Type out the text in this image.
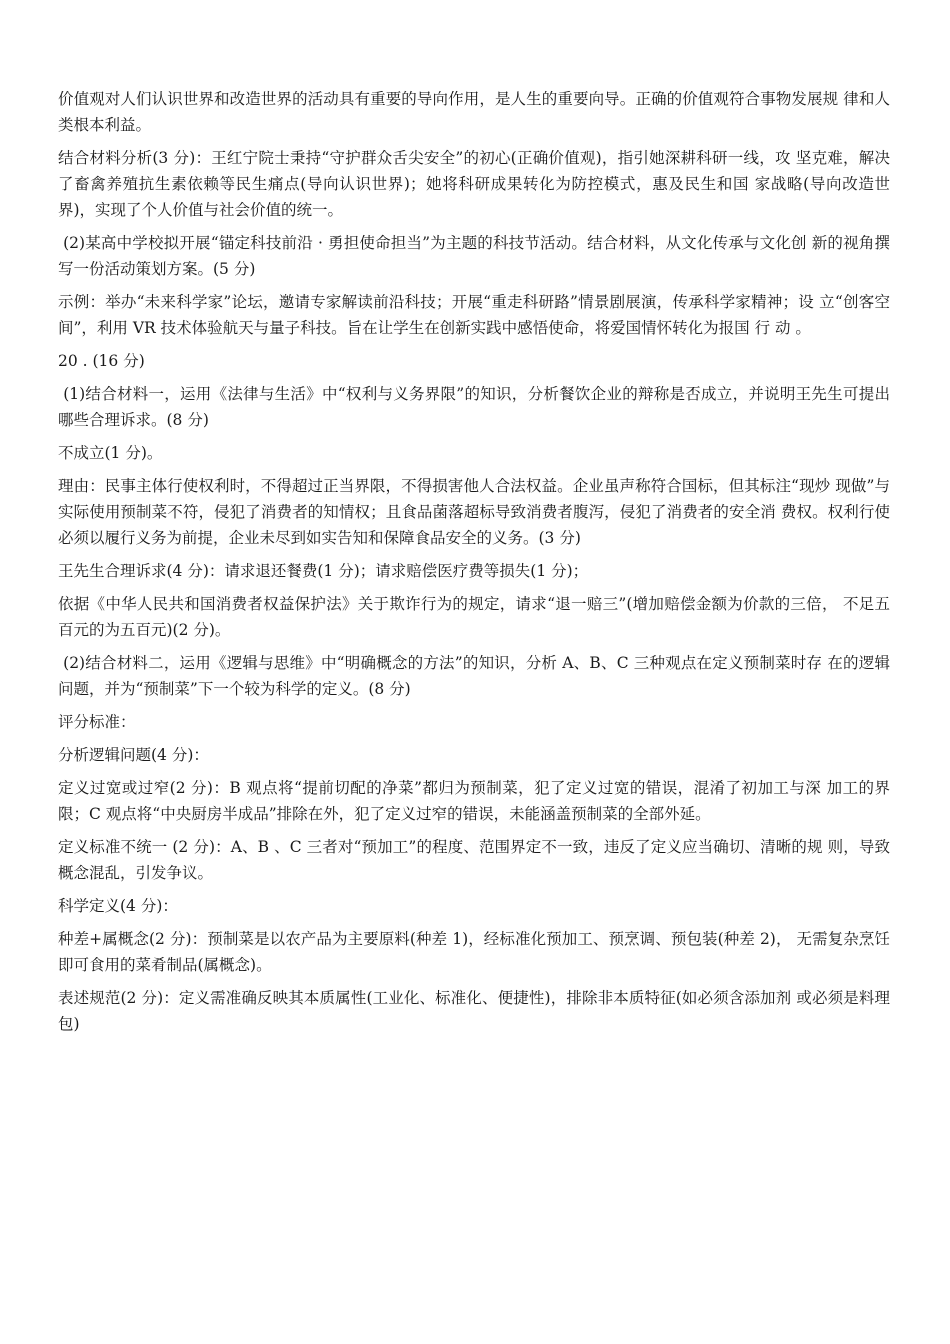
价值观对人们认识世界和改造世界的活动具有重要的导向作用，是人生的重要向导。正确的价值观符合事物发展规 律和人类根本利益。

结合材料分析(3 分)：王红宁院士秉持“守护群众舌尖安全”的初心(正确价值观)，指引她深耕科研一线，攻 坚克难，解决了畜禽养殖抗生素依赖等民生痛点(导向认识世界)；她将科研成果转化为防控模式，惠及民生和国 家战略(导向改造世界)，实现了个人价值与社会价值的统一。

(2)某高中学校拟开展“锚定科技前沿 · 勇担使命担当”为主题的科技节活动。结合材料，从文化传承与文化创 新的视角撰写一份活动策划方案。(5 分)

示例：举办“未来科学家”论坛，邀请专家解读前沿科技；开展“重走科研路”情景剧展演，传承科学家精神；设 立“创客空间”，利用 VR 技术体验航天与量子科技。旨在让学生在创新实践中感悟使命，将爱国情怀转化为报国 行 动 。

20 . (16 分)

(1)结合材料一，运用《法律与生活》中“权利与义务界限”的知识，分析餐饮企业的辩称是否成立，并说明王先生可提出哪些合理诉求。(8 分)

不成立(1 分)。

理由：民事主体行使权利时，不得超过正当界限，不得损害他人合法权益。企业虽声称符合国标，但其标注“现炒 现做”与实际使用预制菜不符，侵犯了消费者的知情权；且食品菌落超标导致消费者腹泻，侵犯了消费者的安全消 费权。权利行使必须以履行义务为前提，企业未尽到如实告知和保障食品安全的义务。(3 分)

王先生合理诉求(4 分)：请求退还餐费(1 分)；请求赔偿医疗费等损失(1 分)；

依据《中华人民共和国消费者权益保护法》关于欺诈行为的规定，请求“退一赔三”(增加赔偿金额为价款的三倍， 不足五百元的为五百元)(2 分)。

(2)结合材料二，运用《逻辑与思维》中“明确概念的方法”的知识，分析 A、B、C 三种观点在定义预制菜时存 在的逻辑问题，并为“预制菜”下一个较为科学的定义。(8 分)

评分标准：

分析逻辑问题(4 分)：

定义过宽或过窄(2 分)：B 观点将“提前切配的净菜”都归为预制菜，犯了定义过宽的错误，混淆了初加工与深 加工的界限；C 观点将“中央厨房半成品”排除在外，犯了定义过窄的错误，未能涵盖预制菜的全部外延。

定义标准不统一 (2 分)：A、B 、C 三者对“预加工”的程度、范围界定不一致，违反了定义应当确切、清晰的规 则，导致概念混乱，引发争议。

科学定义(4 分)：

种差+属概念(2 分)：预制菜是以农产品为主要原料(种差 1)，经标准化预加工、预烹调、预包装(种差 2)， 无需复杂烹饪即可食用的菜肴制品(属概念)。

表述规范(2 分)：定义需准确反映其本质属性(工业化、标准化、便捷性)，排除非本质特征(如必须含添加剂 或必须是料理包)
